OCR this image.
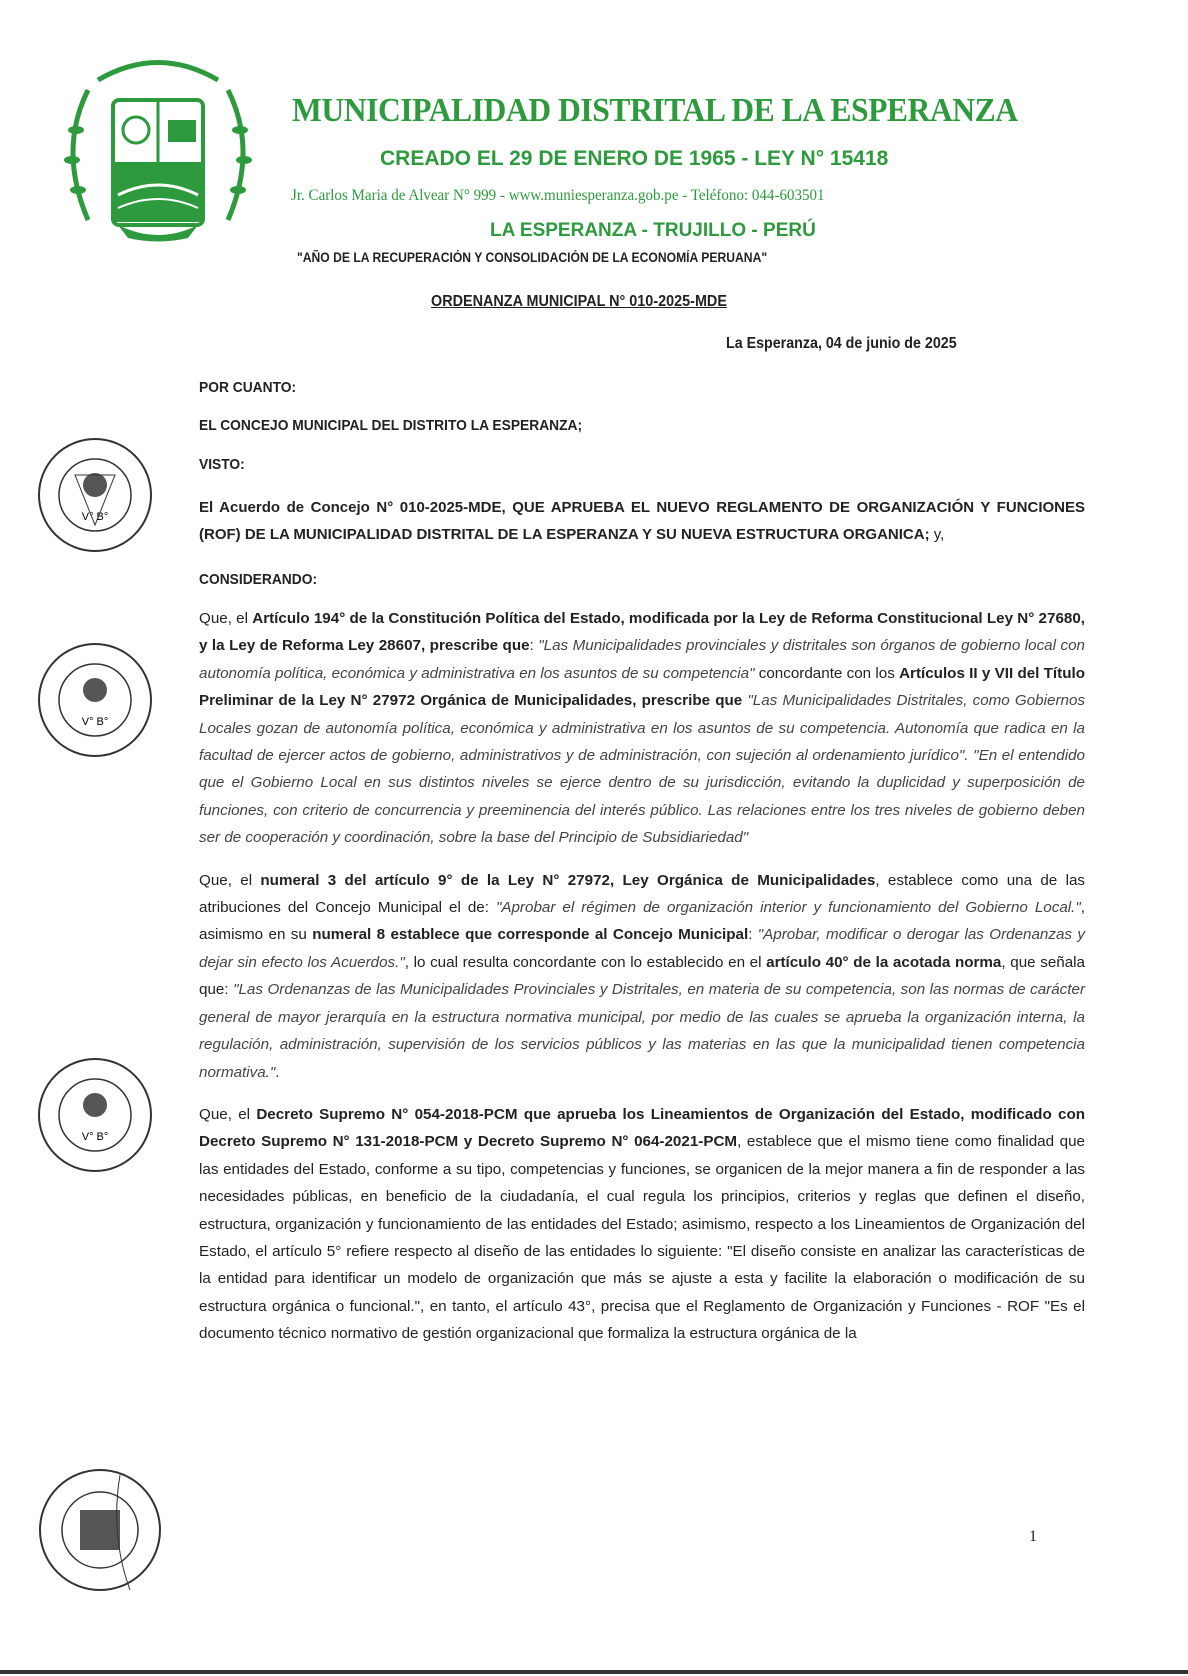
MUNICIPALIDAD DISTRITAL DE LA ESPERANZA
CREADO EL 29 DE ENERO DE 1965 - LEY N° 15418
Jr. Carlos Maria de Alvear N° 999 - www.muniesperanza.gob.pe - Teléfono: 044-603501
LA ESPERANZA - TRUJILLO - PERÚ
"AÑO DE LA RECUPERACIÓN Y CONSOLIDACIÓN DE LA ECONOMÍA PERUANA"
ORDENANZA MUNICIPAL N° 010-2025-MDE
La Esperanza, 04 de junio de 2025
POR CUANTO:
EL CONCEJO MUNICIPAL DEL DISTRITO LA ESPERANZA;
VISTO:
El Acuerdo de Concejo N° 010-2025-MDE, QUE APRUEBA EL NUEVO REGLAMENTO DE ORGANIZACIÓN Y FUNCIONES (ROF) DE LA MUNICIPALIDAD DISTRITAL DE LA ESPERANZA Y SU NUEVA ESTRUCTURA ORGANICA; y,
CONSIDERANDO:

Que, el Artículo 194° de la Constitución Política del Estado, modificada por la Ley de Reforma Constitucional Ley N° 27680, y la Ley de Reforma Ley 28607, prescribe que: "Las Municipalidades provinciales y distritales son órganos de gobierno local con autonomía política, económica y administrativa en los asuntos de su competencia" concordante con los Artículos II y VII del Título Preliminar de la Ley N° 27972 Orgánica de Municipalidades, prescribe que "Las Municipalidades Distritales, como Gobiernos Locales gozan de autonomía política, económica y administrativa en los asuntos de su competencia. Autonomía que radica en la facultad de ejercer actos de gobierno, administrativos y de administración, con sujeción al ordenamiento jurídico". "En el entendido que el Gobierno Local en sus distintos niveles se ejerce dentro de su jurisdicción, evitando la duplicidad y superposición de funciones, con criterio de concurrencia y preeminencia del interés público. Las relaciones entre los tres niveles de gobierno deben ser de cooperación y coordinación, sobre la base del Principio de Subsidiariedad"

Que, el numeral 3 del artículo 9° de la Ley N° 27972, Ley Orgánica de Municipalidades, establece como una de las atribuciones del Concejo Municipal el de: "Aprobar el régimen de organización interior y funcionamiento del Gobierno Local.", asimismo en su numeral 8 establece que corresponde al Concejo Municipal: "Aprobar, modificar o derogar las Ordenanzas y dejar sin efecto los Acuerdos.", lo cual resulta concordante con lo establecido en el artículo 40° de la acotada norma, que señala que: "Las Ordenanzas de las Municipalidades Provinciales y Distritales, en materia de su competencia, son las normas de carácter general de mayor jerarquía en la estructura normativa municipal, por medio de las cuales se aprueba la organización interna, la regulación, administración, supervisión de los servicios públicos y las materias en las que la municipalidad tienen competencia normativa.".

Que, el Decreto Supremo N° 054-2018-PCM que aprueba los Lineamientos de Organización del Estado, modificado con Decreto Supremo N° 131-2018-PCM y Decreto Supremo N° 064-2021-PCM, establece que el mismo tiene como finalidad que las entidades del Estado, conforme a su tipo, competencias y funciones, se organicen de la mejor manera a fin de responder a las necesidades públicas, en beneficio de la ciudadanía, el cual regula los principios, criterios y reglas que definen el diseño, estructura, organización y funcionamiento de las entidades del Estado; asimismo, respecto a los Lineamientos de Organización del Estado, el artículo 5° refiere respecto al diseño de las entidades lo siguiente: "El diseño consiste en analizar las características de la entidad para identificar un modelo de organización que más se ajuste a esta y facilite la elaboración o modificación de su estructura orgánica o funcional.", en tanto, el artículo 43°, precisa que el Reglamento de Organización y Funciones - ROF "Es el documento técnico normativo de gestión organizacional que formaliza la estructura orgánica de la

V° B°
V° B°
V° B°
1
